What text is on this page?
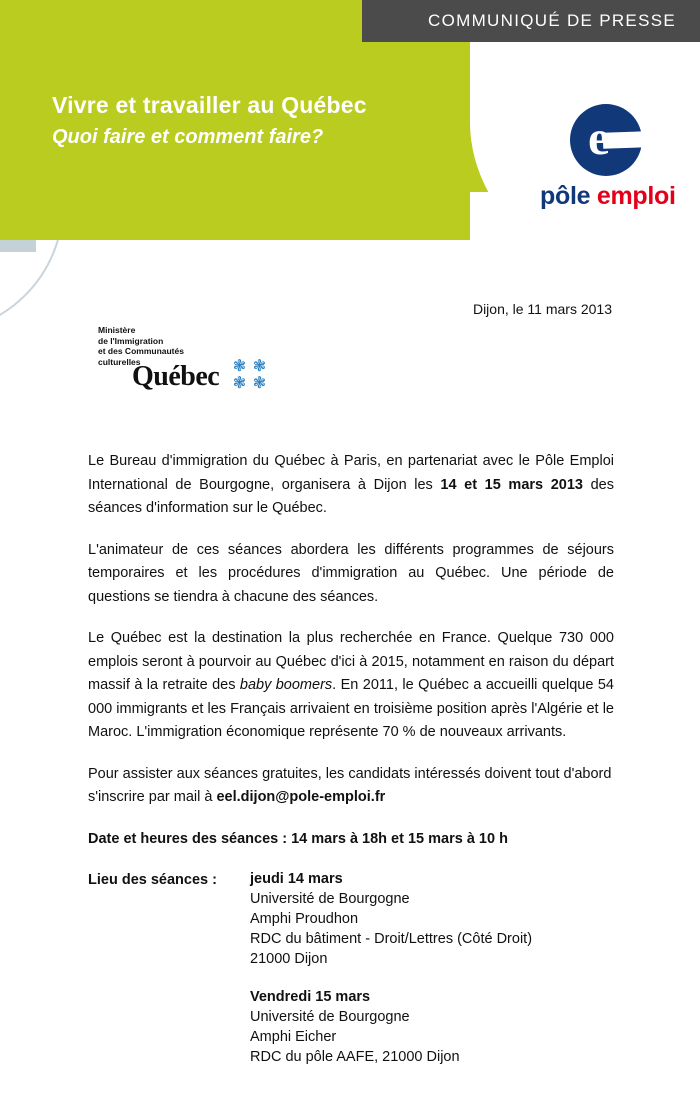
COMMUNIQUÉ DE PRESSE
Vivre et travailler au Québec
Quoi faire et comment faire?	e
pôle emploi
Dijon, le 11 mars 2013
Ministère
de l'Immigration
et des Communautés
culturelles
Québec ❃ ❃
❃ ❃

Le Bureau d'immigration du Québec à Paris, en partenariat avec le Pôle Emploi International de Bourgogne, organisera à Dijon les 14 et 15 mars 2013 des séances d'information sur le Québec.

L'animateur de ces séances abordera les différents programmes de séjours temporaires et les procédures d'immigration au Québec. Une période de questions se tiendra à chacune des séances.

Le Québec est la destination la plus recherchée en France. Quelque 730 000 emplois seront à pourvoir au Québec d'ici à 2015, notamment en raison du départ massif à la retraite des baby boomers. En 2011, le Québec a accueilli quelque 54 000 immigrants et les Français arrivaient en troisième position après l'Algérie et le Maroc. L'immigration économique représente 70 % de nouveaux arrivants.

Pour assister aux séances gratuites, les candidats intéressés doivent tout d'abord s'inscrire par mail à eel.dijon@pole-emploi.fr

Date et heures des séances : 14 mars à 18h et 15 mars à 10 h

Lieu des séances : jeudi 14 mars
Université de Bourgogne
Amphi Proudhon
RDC du bâtiment - Droit/Lettres (Côté Droit)
21000 Dijon
Vendredi 15 mars
Université de Bourgogne
Amphi Eicher
RDC du pôle AAFE, 21000 Dijon
